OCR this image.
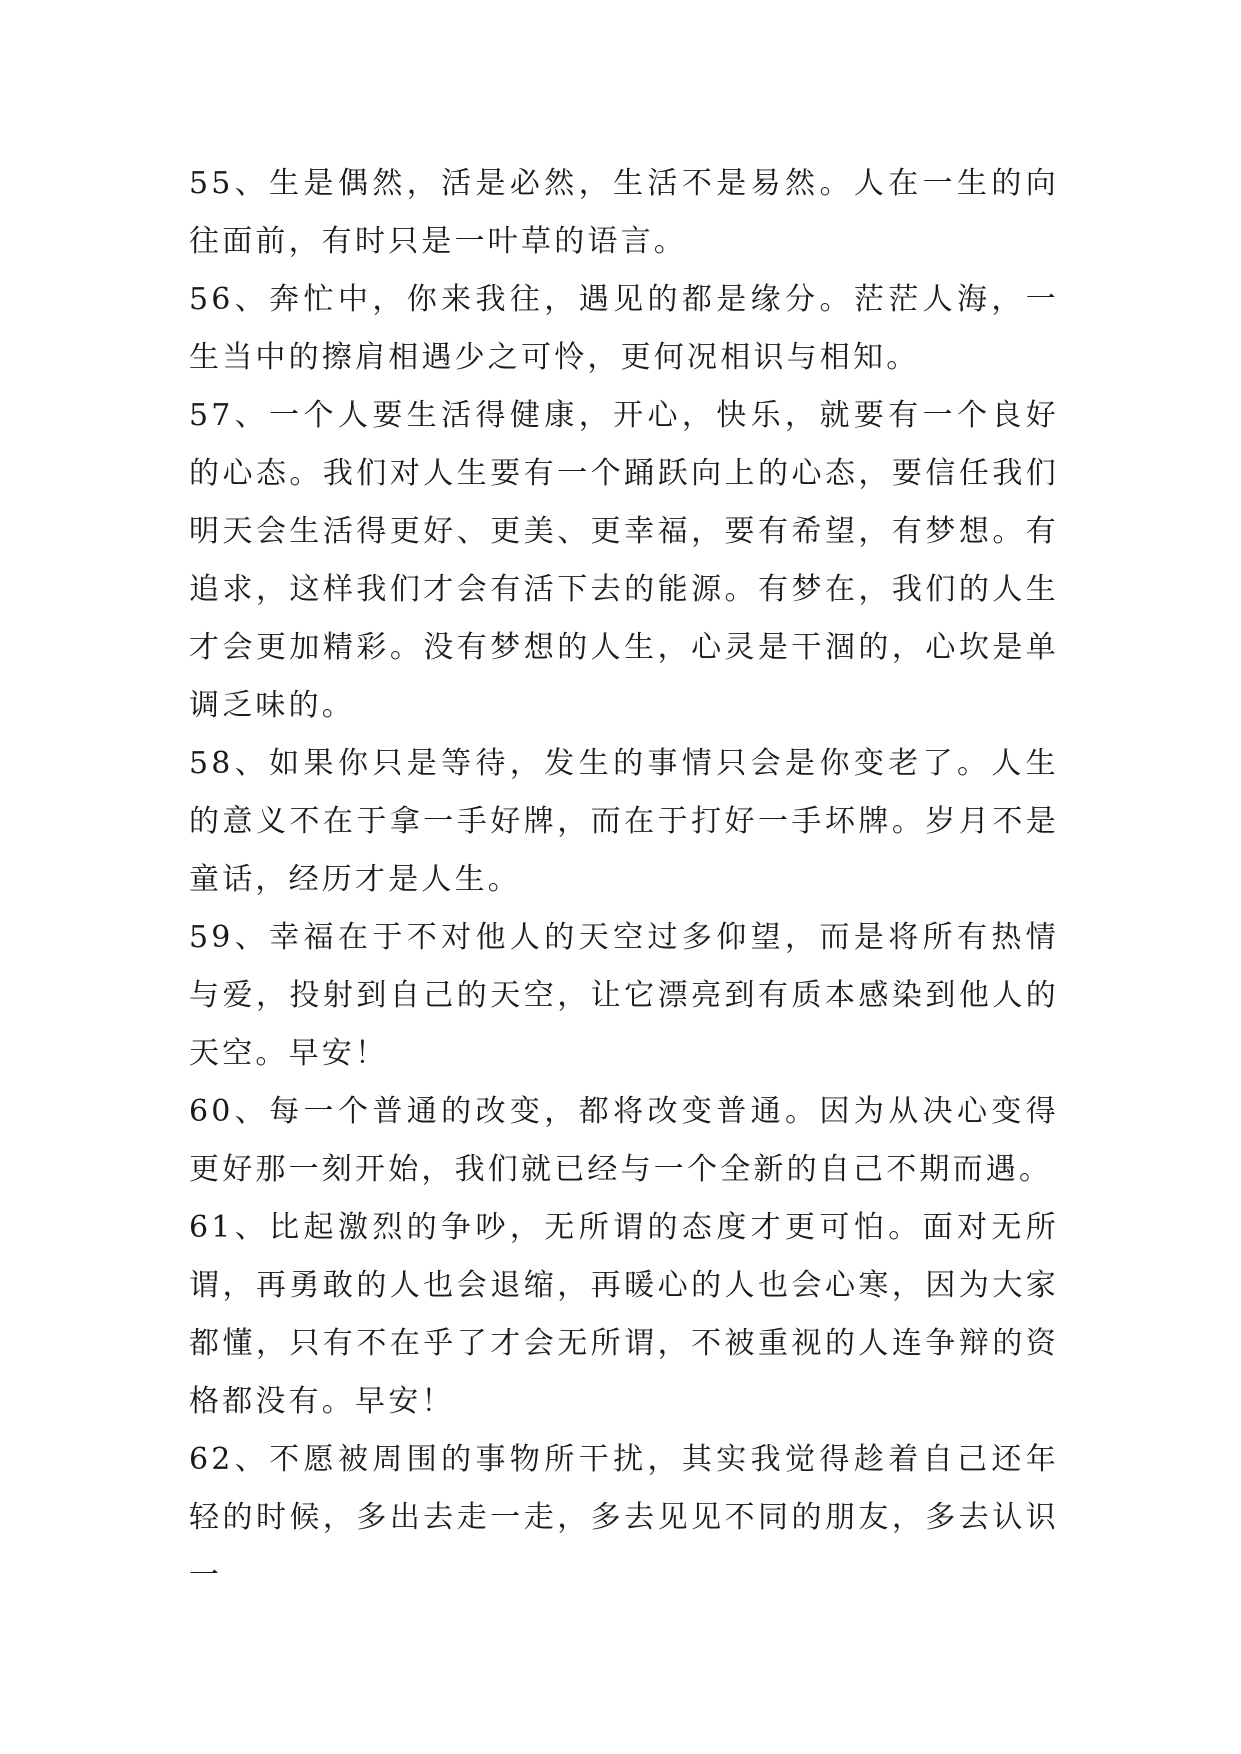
55、生是偶然，活是必然，生活不是易然。人在一生的向往面前，有时只是一叶草的语言。

56、奔忙中，你来我往，遇见的都是缘分。茫茫人海，一生当中的擦肩相遇少之可怜，更何况相识与相知。

57、一个人要生活得健康，开心，快乐，就要有一个良好的心态。我们对人生要有一个踊跃向上的心态，要信任我们明天会生活得更好、更美、更幸福，要有希望，有梦想。有追求，这样我们才会有活下去的能源。有梦在，我们的人生才会更加精彩。没有梦想的人生，心灵是干涸的，心坎是单调乏味的。

58、如果你只是等待，发生的事情只会是你变老了。人生的意义不在于拿一手好牌，而在于打好一手坏牌。岁月不是童话，经历才是人生。

59、幸福在于不对他人的天空过多仰望，而是将所有热情与爱，投射到自己的天空，让它漂亮到有质本感染到他人的天空。早安！

60、每一个普通的改变，都将改变普通。因为从决心变得更好那一刻开始，我们就已经与一个全新的自己不期而遇。

61、比起激烈的争吵，无所谓的态度才更可怕。面对无所谓，再勇敢的人也会退缩，再暖心的人也会心寒，因为大家都懂，只有不在乎了才会无所谓，不被重视的人连争辩的资格都没有。早安！

62、不愿被周围的事物所干扰，其实我觉得趁着自己还年轻的时候，多出去走一走，多去见见不同的朋友，多去认识一
